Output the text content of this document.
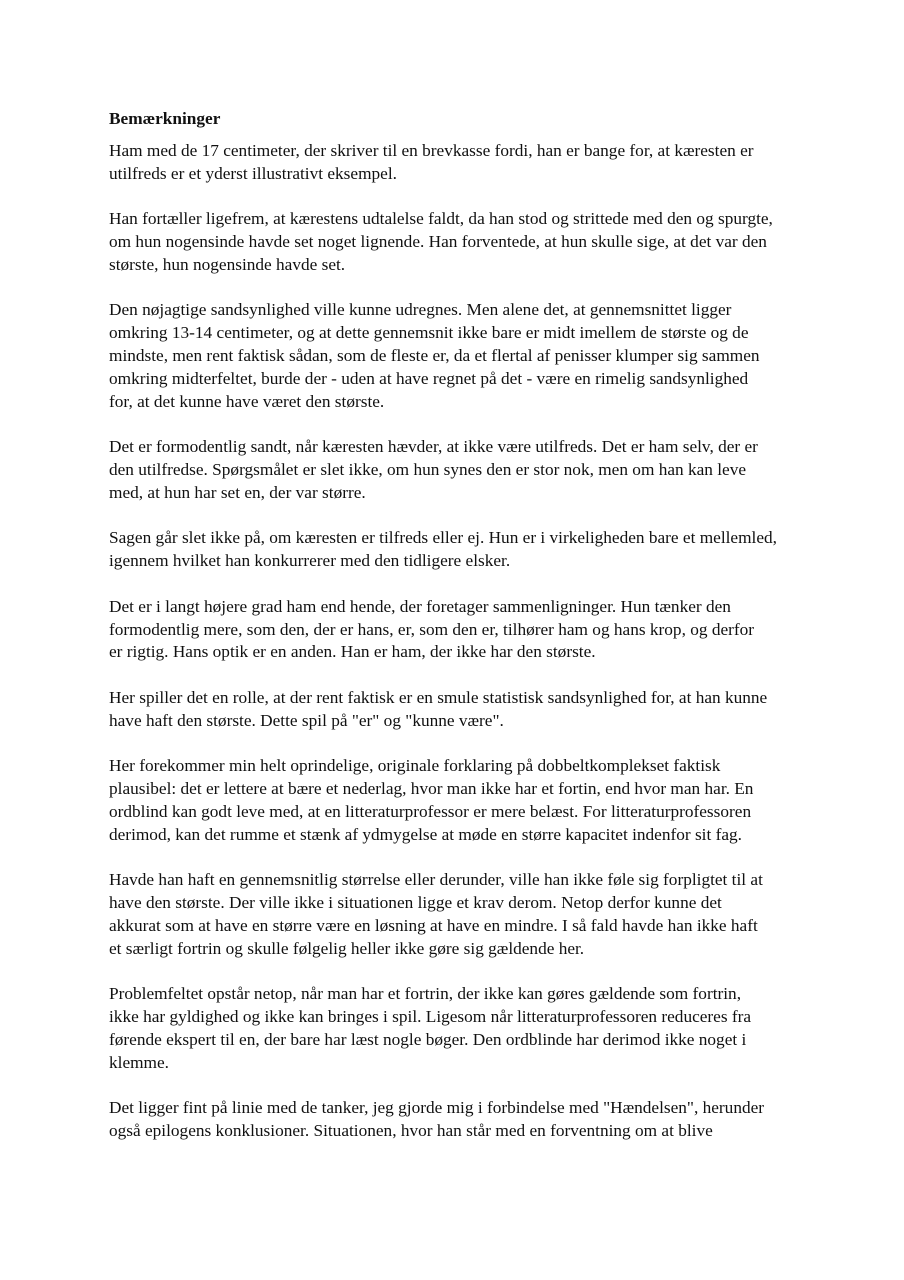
Bemærkninger
Ham med de 17 centimeter, der skriver til en brevkasse fordi, han er bange for, at kæresten er
utilfreds er et yderst illustrativt eksempel.
Han fortæller ligefrem, at kærestens udtalelse faldt, da han stod og strittede med den og spurgte,
om hun nogensinde havde set noget lignende. Han forventede, at hun skulle sige, at det var den
største, hun nogensinde havde set.
Den nøjagtige sandsynlighed ville kunne udregnes. Men alene det, at gennemsnittet ligger
omkring 13-14 centimeter, og at dette gennemsnit ikke bare er midt imellem de største og de
mindste, men rent faktisk sådan, som de fleste er, da et flertal af penisser klumper sig sammen
omkring midterfeltet, burde der - uden at have regnet på det - være en rimelig sandsynlighed
for, at det kunne have været den største.
Det er formodentlig sandt, når kæresten hævder, at ikke være utilfreds. Det er ham selv, der er
den utilfredse. Spørgsmålet er slet ikke, om hun synes den er stor nok, men om han kan leve
med, at hun har set en, der var større.
Sagen går slet ikke på, om kæresten er tilfreds eller ej. Hun er i virkeligheden bare et mellemled,
igennem hvilket han konkurrerer med den tidligere elsker.
Det er i langt højere grad ham end hende, der foretager sammenligninger. Hun tænker den
formodentlig mere, som den, der er hans, er, som den er, tilhører ham og hans krop, og derfor
er rigtig. Hans optik er en anden. Han er ham, der ikke har den største.
Her spiller det en rolle, at der rent faktisk er en smule statistisk sandsynlighed for, at han kunne
have haft den største. Dette spil på "er" og "kunne være".
Her forekommer min helt oprindelige, originale forklaring på dobbeltkomplekset faktisk
plausibel: det er lettere at bære et nederlag, hvor man ikke har et fortin, end hvor man har. En
ordblind kan godt leve med, at en litteraturprofessor er mere belæst. For litteraturprofessoren
derimod, kan det rumme et stænk af ydmygelse at møde en større kapacitet indenfor sit fag.
Havde han haft en gennemsnitlig størrelse eller derunder, ville han ikke føle sig forpligtet til at
have den største. Der ville ikke i situationen ligge et krav derom. Netop derfor kunne det
akkurat som at have en større være en løsning at have en mindre. I så fald havde han ikke haft
et særligt fortrin og skulle følgelig heller ikke gøre sig gældende her.
Problemfeltet opstår netop, når man har et fortrin, der ikke kan gøres gældende som fortrin,
ikke har gyldighed og ikke kan bringes i spil. Ligesom når litteraturprofessoren reduceres fra
førende ekspert til en, der bare har læst nogle bøger. Den ordblinde har derimod ikke noget i
klemme.
Det ligger fint på linie med de tanker, jeg gjorde mig i forbindelse med "Hændelsen", herunder
også epilogens konklusioner. Situationen, hvor han står med en forventning om at blive
